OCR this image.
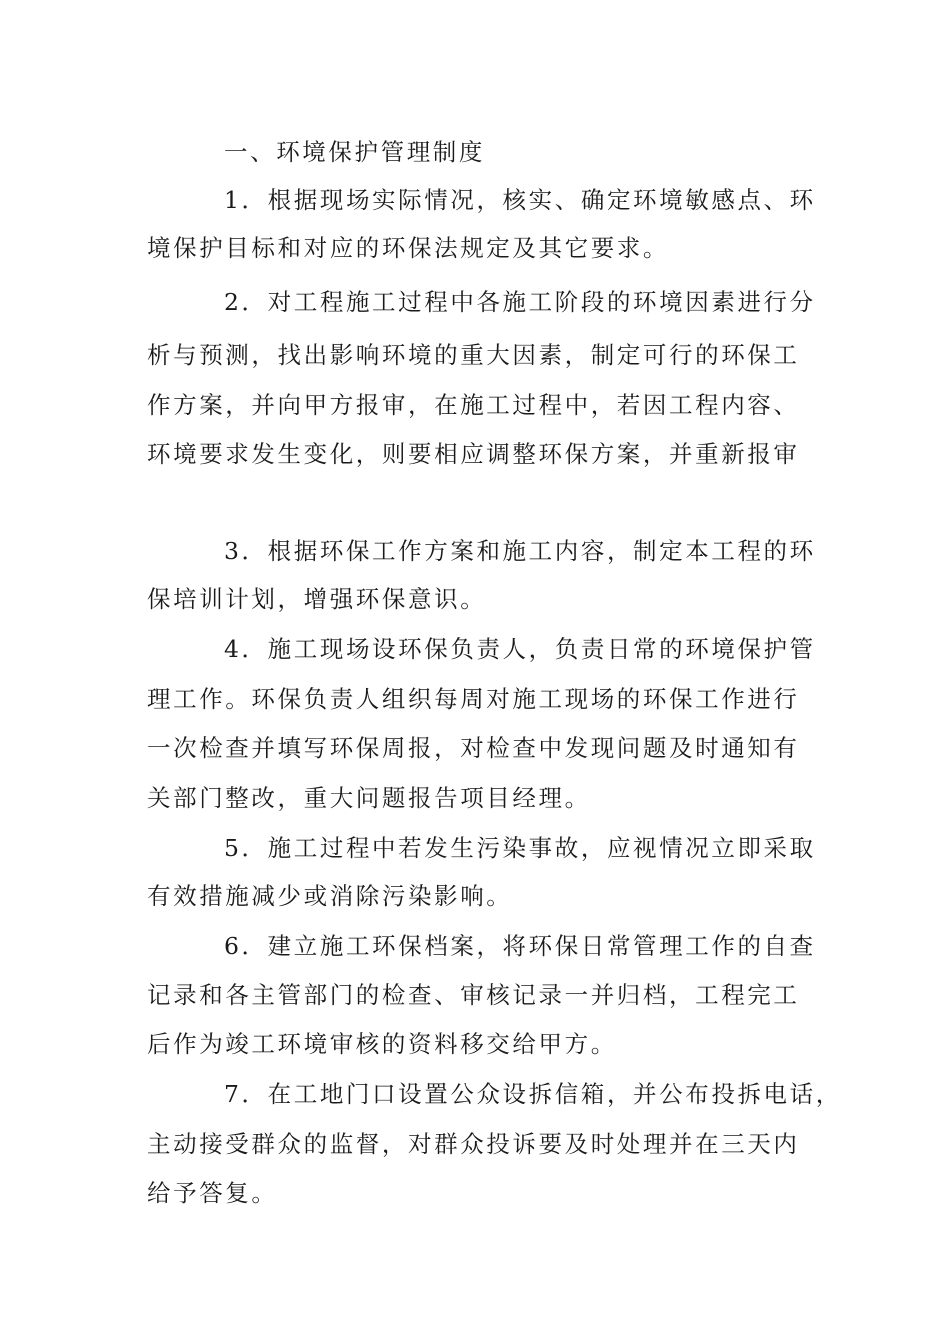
一、环境保护管理制度
1．根据现场实际情况，核实、确定环境敏感点、环
境保护目标和对应的环保法规定及其它要求。
2．对工程施工过程中各施工阶段的环境因素进行分
析与预测，找出影响环境的重大因素，制定可行的环保工
作方案，并向甲方报审，在施工过程中，若因工程内容、
环境要求发生变化，则要相应调整环保方案，并重新报审
3．根据环保工作方案和施工内容，制定本工程的环
保培训计划，增强环保意识。
4．施工现场设环保负责人，负责日常的环境保护管
理工作。环保负责人组织每周对施工现场的环保工作进行
一次检查并填写环保周报，对检查中发现问题及时通知有
关部门整改，重大问题报告项目经理。
5．施工过程中若发生污染事故，应视情况立即采取
有效措施减少或消除污染影响。
6．建立施工环保档案，将环保日常管理工作的自查
记录和各主管部门的检查、审核记录一并归档，工程完工
后作为竣工环境审核的资料移交给甲方。
7．在工地门口设置公众设拆信箱，并公布投拆电话，
主动接受群众的监督，对群众投诉要及时处理并在三天内
给予答复。
